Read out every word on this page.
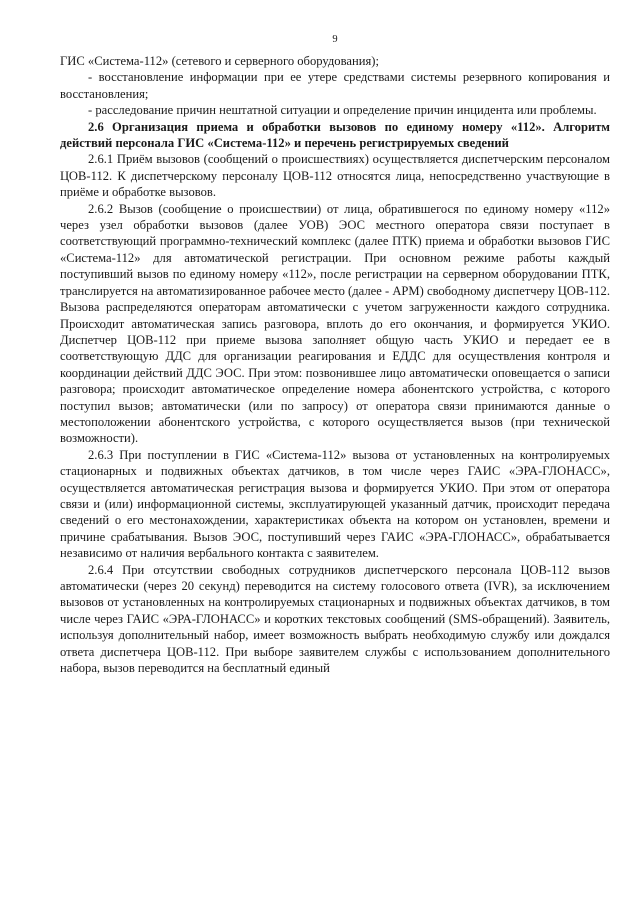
9

ГИС «Система-112» (сетевого и серверного оборудования);

- восстановление информации при ее утере средствами системы резервного копирования и восстановления;

- расследование причин нештатной ситуации и определение причин инцидента или проблемы.

2.6 Организация приема и обработки вызовов по единому номеру «112». Алгоритм действий персонала ГИС «Система-112» и перечень регистрируемых сведений

2.6.1 Приём вызовов (сообщений о происшествиях) осуществляется диспетчерским персоналом ЦОВ-112. К диспетчерскому персоналу ЦОВ-112 относятся лица, непосредственно участвующие в приёме и обработке вызовов.

2.6.2 Вызов (сообщение о происшествии) от лица, обратившегося по единому номеру «112» через узел обработки вызовов (далее УОВ) ЭОС местного оператора связи поступает в соответствующий программно-технический комплекс (далее ПТК) приема и обработки вызовов ГИС «Система-112» для автоматической регистрации. При основном режиме работы каждый поступивший вызов по единому номеру «112», после регистрации на серверном оборудовании ПТК, транслируется на автоматизированное рабочее место (далее - АРМ) свободному диспетчеру ЦОВ-112. Вызова распределяются операторам автоматически с учетом загруженности каждого сотрудника. Происходит автоматическая запись разговора, вплоть до его окончания, и формируется УКИО. Диспетчер ЦОВ-112 при приеме вызова заполняет общую часть УКИО и передает ее в соответствующую ДДС для организации реагирования и ЕДДС для осуществления контроля и координации действий ДДС ЭОС. При этом: позвонившее лицо автоматически оповещается о записи разговора; происходит автоматическое определение номера абонентского устройства, с которого поступил вызов; автоматически (или по запросу) от оператора связи принимаются данные о местоположении абонентского устройства, с которого осуществляется вызов (при технической возможности).

2.6.3 При поступлении в ГИС «Система-112» вызова от установленных на контролируемых стационарных и подвижных объектах датчиков, в том числе через ГАИС «ЭРА-ГЛОНАСС», осуществляется автоматическая регистрация вызова и формируется УКИО. При этом от оператора связи и (или) информационной системы, эксплуатирующей указанный датчик, происходит передача сведений о его местонахождении, характеристиках объекта на котором он установлен, времени и причине срабатывания. Вызов ЭОС, поступивший через ГАИС «ЭРА-ГЛОНАСС», обрабатывается независимо от наличия вербального контакта с заявителем.

2.6.4 При отсутствии свободных сотрудников диспетчерского персонала ЦОВ-112 вызов автоматически (через 20 секунд) переводится на систему голосового ответа (IVR), за исключением вызовов от установленных на контролируемых стационарных и подвижных объектах датчиков, в том числе через ГАИС «ЭРА-ГЛОНАСС» и коротких текстовых сообщений (SMS-обращений). Заявитель, используя дополнительный набор, имеет возможность выбрать необходимую службу или дождался ответа диспетчера ЦОВ-112. При выборе заявителем службы с использованием дополнительного набора, вызов переводится на бесплатный единый
